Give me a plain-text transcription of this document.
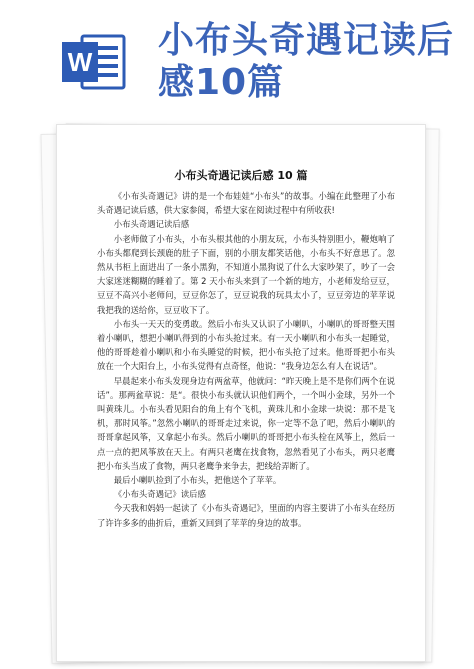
W
小布头奇遇记读后感10篇
小布头奇遇记读后感 10 篇

《小布头奇遇记》讲的是一个布娃娃“小布头”的故事。小编在此整理了小布头奇遇记读后感，供大家参阅，希望大家在阅读过程中有所收获!

小布头奇遇记读后感

小老师做了小布头，小布头根其他的小朋友玩，小布头特别胆小，鞭炮响了小布头都爬到长颈鹿的肚子下面，别的小朋友都笑话他，小布头不好意思了。忽然从书柜上面进出了一条小黑狗，不知道小黑狗说了什么大家吵架了，吵了一会大家迷迷糊糊的睡着了。第 2 天小布头来到了一个新的地方，小老师发给豆豆，豆豆不高兴小老师问，豆豆你怎了，豆豆说我的玩具太小了，豆豆旁边的苹苹说我把我的送给你，豆豆收下了。

小布头一天天的变勇敢。然后小布头又认识了小喇叭，小喇叭的哥哥整天围着小喇叭，想把小喇叭得到的小布头抢过来。有一天小喇叭和小布头一起睡觉，他的哥哥趁着小喇叭和小布头睡觉的时候，把小布头抢了过来。他哥哥把小布头放在一个大阳台上，小布头觉得有点奇怪，他说：“我身边怎么有人在说话”。

早晨起来小布头发现身边有两盆草，他就问：“昨天晚上是不是你们两个在说话”。那两盆草说：是“。很快小布头就认识他们两个，一个叫小金球，另外一个叫黄珠儿。小布头看见阳台的角上有个飞机，黄珠儿和小金球一块说：那不是飞机，那时风筝。”忽然小喇叭的哥哥走过来说，你一定等不急了吧，然后小喇叭的哥哥拿起风筝，又拿起小布头。然后小喇叭的哥哥把小布头栓在风筝上，然后一点一点的把风筝放在天上。有两只老鹰在找食物，忽然看见了小布头，两只老鹰把小布头当成了食物，两只老鹰争来争去，把线给弄断了。

最后小喇叭捡到了小布头，把他送个了苹苹。

《小布头奇遇记》读后感

今天我和妈妈一起读了《小布头奇遇记》，里面的内容主要讲了小布头在经历了许许多多的曲折后，重新又回到了苹苹的身边的故事。
